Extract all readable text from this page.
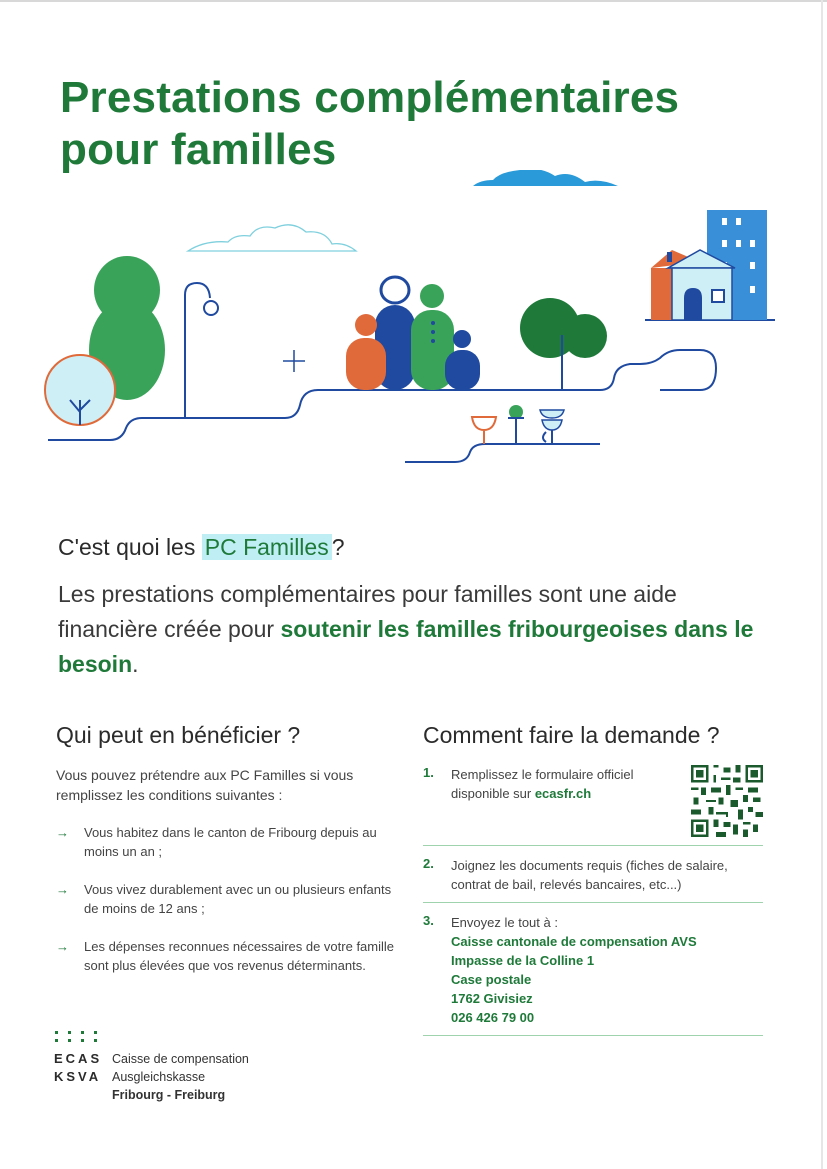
Prestations complémentaires
pour familles
C'est quoi les PC Familles ?
Les prestations complémentaires pour familles sont une aide financière créée pour soutenir les familles fribourgeoises dans le besoin.
Qui peut en bénéficier ?
Vous pouvez prétendre aux PC Familles si vous remplissez les conditions suivantes :
→ Vous habitez dans le canton de Fribourg depuis au moins un an ;
→ Vous vivez durablement avec un ou plusieurs enfants de moins de 12 ans ;
→ Les dépenses reconnues nécessaires de votre famille sont plus élevées que vos revenus déterminants.
Comment faire la demande ?
1. Remplissez le formulaire officiel disponible sur ecasfr.ch
2. Joignez les documents requis (fiches de salaire, contrat de bail, relevés bancaires, etc...)
3. Envoyez le tout à :
Caisse cantonale de compensation AVS
Impasse de la Colline 1
Case postale
1762 Givisiez
026 426 79 00
ECAS
KSVA
Caisse de compensation
Ausgleichskasse
Fribourg - Freiburg
